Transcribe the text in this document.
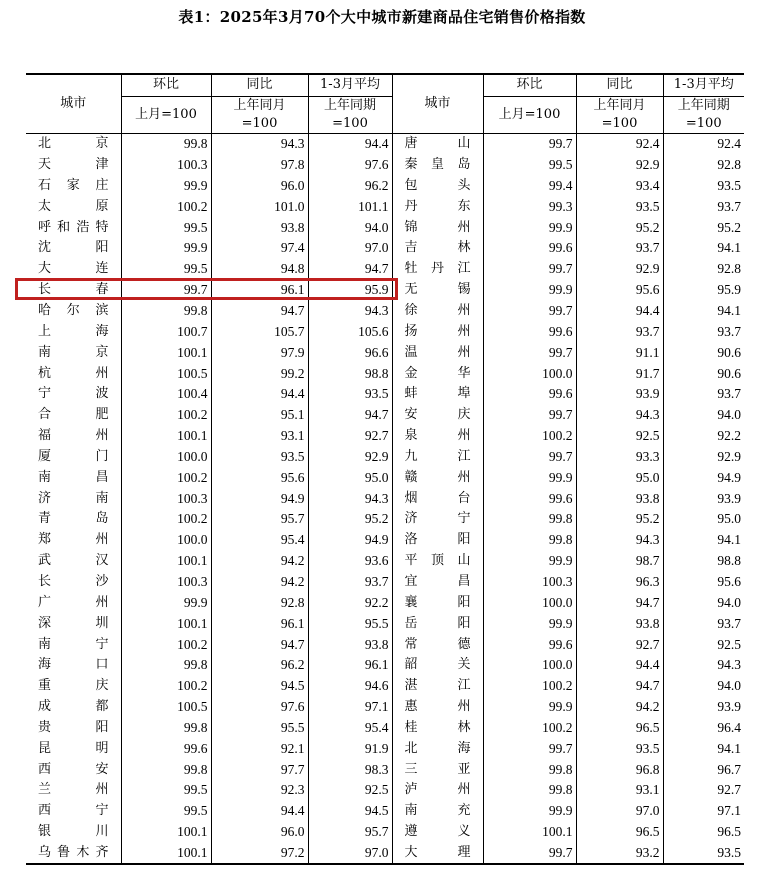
表1：2025年3月70个大中城市新建商品住宅销售价格指数
城市	环比	同比	1-3月平均	城市	环比	同比	1-3月平均
	上月=100	上年同月=100	上年同期=100		上月=100	上年同月=100	上年同期=100
北京	99.8	94.3	94.4	唐山	99.7	92.4	92.4
天津	100.3	97.8	97.6	秦皇岛	99.5	92.9	92.8
石家庄	99.9	96.0	96.2	包头	99.4	93.4	93.5
太原	100.2	101.0	101.1	丹东	99.3	93.5	93.7
呼和浩特	99.5	93.8	94.0	锦州	99.9	95.2	95.2
沈阳	99.9	97.4	97.0	吉林	99.6	93.7	94.1
大连	99.5	94.8	94.7	牡丹江	99.7	92.9	92.8
长春	99.7	96.1	95.9	无锡	99.9	95.6	95.9
哈尔滨	99.8	94.7	94.3	徐州	99.7	94.4	94.1
上海	100.7	105.7	105.6	扬州	99.6	93.7	93.7
南京	100.1	97.9	96.6	温州	99.7	91.1	90.6
杭州	100.5	99.2	98.8	金华	100.0	91.7	90.6
宁波	100.4	94.4	93.5	蚌埠	99.6	93.9	93.7
合肥	100.2	95.1	94.7	安庆	99.7	94.3	94.0
福州	100.1	93.1	92.7	泉州	100.2	92.5	92.2
厦门	100.0	93.5	92.9	九江	99.7	93.3	92.9
南昌	100.2	95.6	95.0	赣州	99.9	95.0	94.9
济南	100.3	94.9	94.3	烟台	99.6	93.8	93.9
青岛	100.2	95.7	95.2	济宁	99.8	95.2	95.0
郑州	100.0	95.4	94.9	洛阳	99.8	94.3	94.1
武汉	100.1	94.2	93.6	平顶山	99.9	98.7	98.8
长沙	100.3	94.2	93.7	宜昌	100.3	96.3	95.6
广州	99.9	92.8	92.2	襄阳	100.0	94.7	94.0
深圳	100.1	96.1	95.5	岳阳	99.9	93.8	93.7
南宁	100.2	94.7	93.8	常德	99.6	92.7	92.5
海口	99.8	96.2	96.1	韶关	100.0	94.4	94.3
重庆	100.2	94.5	94.6	湛江	100.2	94.7	94.0
成都	100.5	97.6	97.1	惠州	99.9	94.2	93.9
贵阳	99.8	95.5	95.4	桂林	100.2	96.5	96.4
昆明	99.6	92.1	91.9	北海	99.7	93.5	94.1
西安	99.8	97.7	98.3	三亚	99.8	96.8	96.7
兰州	99.5	92.3	92.5	泸州	99.8	93.1	92.7
西宁	99.5	94.4	94.5	南充	99.9	97.0	97.1
银川	100.1	96.0	95.7	遵义	100.1	96.5	96.5
乌鲁木齐	100.1	97.2	97.0	大理	99.7	93.2	93.5
